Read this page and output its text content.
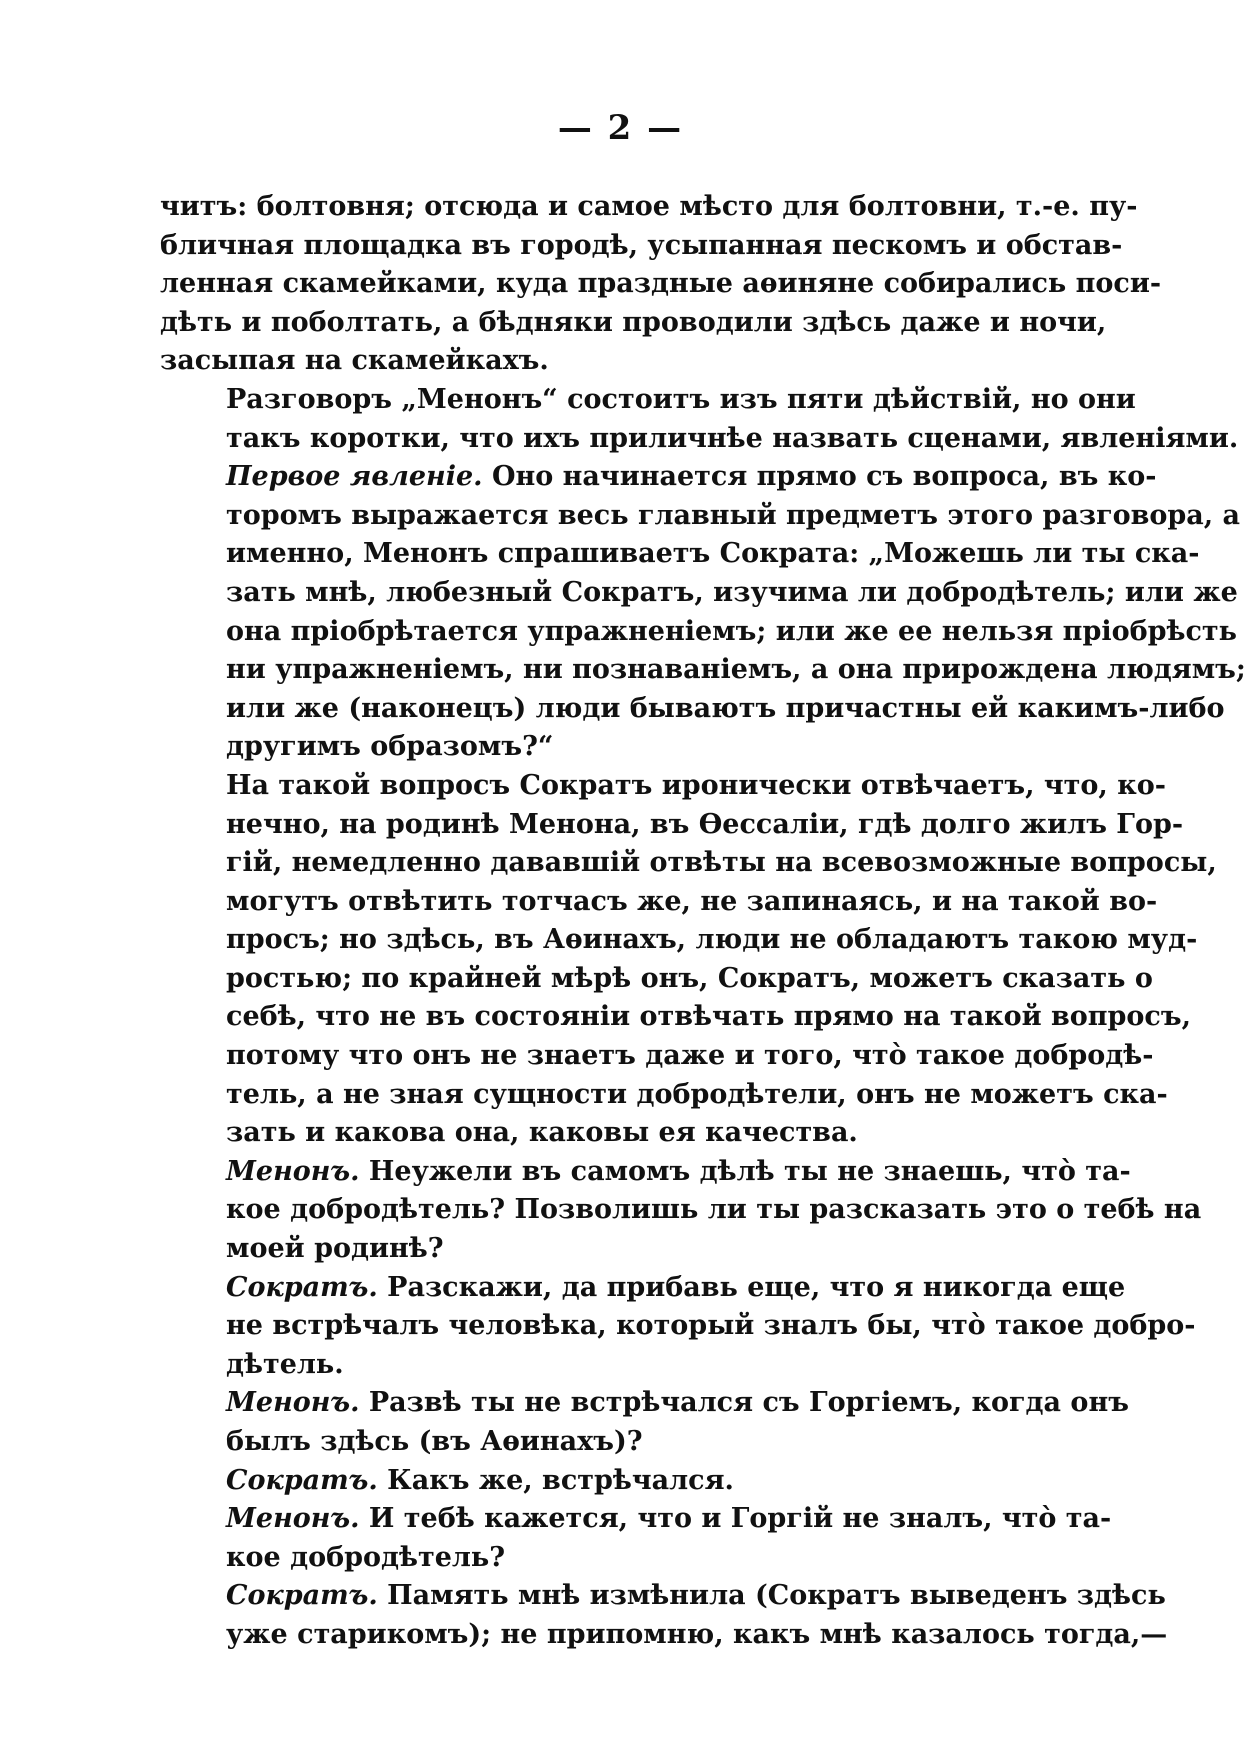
— 2 —
читъ: болтовня; отсюда и самое мѣсто для болтовни, т.-е. пу-
бличная площадка въ городѣ, усыпанная пескомъ и обстав-
ленная скамейками, куда праздные аѳиняне собирались поси-
дѣть и поболтать, а бѣдняки проводили здѣсь даже и ночи,
засыпая на скамейкахъ.
Разговоръ „Менонъ“ состоитъ изъ пяти дѣйствій, но они
такъ коротки, что ихъ приличнѣе назвать сценами, явленіями.
Первое явленіе. Оно начинается прямо съ вопроса, въ ко-
торомъ выражается весь главный предметъ этого разговора, а
именно, Менонъ спрашиваетъ Сократа: „Можешь ли ты ска-
зать мнѣ, любезный Сократъ, изучима ли добродѣтель; или же
она пріобрѣтается упражненіемъ; или же ее нельзя пріобрѣсть
ни упражненіемъ, ни познаваніемъ, а она прирождена людямъ;
или же (наконецъ) люди бываютъ причастны ей какимъ-либо
другимъ образомъ?“
На такой вопросъ Сократъ иронически отвѣчаетъ, что, ко-
нечно, на родинѣ Менона, въ Ѳессаліи, гдѣ долго жилъ Гор-
гій, немедленно дававшій отвѣты на всевозможные вопросы,
могутъ отвѣтить тотчасъ же, не запинаясь, и на такой во-
просъ; но здѣсь, въ Аѳинахъ, люди не обладаютъ такою муд-
ростью; по крайней мѣрѣ онъ, Сократъ, можетъ сказать о
себѣ, что не въ состояніи отвѣчать прямо на такой вопросъ,
потому что онъ не знаетъ даже и того, что̀ такое добродѣ-
тель, а не зная сущности добродѣтели, онъ не можетъ ска-
зать и какова она, каковы ея качества.
Менонъ. Неужели въ самомъ дѣлѣ ты не знаешь, что̀ та-
кое добродѣтель? Позволишь ли ты разсказать это о тебѣ на
моей родинѣ?
Сократъ. Разскажи, да прибавь еще, что я никогда еще
не встрѣчалъ человѣка, который зналъ бы, что̀ такое добро-
дѣтель.
Менонъ. Развѣ ты не встрѣчался съ Горгіемъ, когда онъ
былъ здѣсь (въ Аѳинахъ)?
Сократъ. Какъ же, встрѣчался.
Менонъ. И тебѣ кажется, что и Горгій не зналъ, что̀ та-
кое добродѣтель?
Сократъ. Память мнѣ измѣнила (Сократъ выведенъ здѣсь
уже старикомъ); не припомню, какъ мнѣ казалось тогда,—
